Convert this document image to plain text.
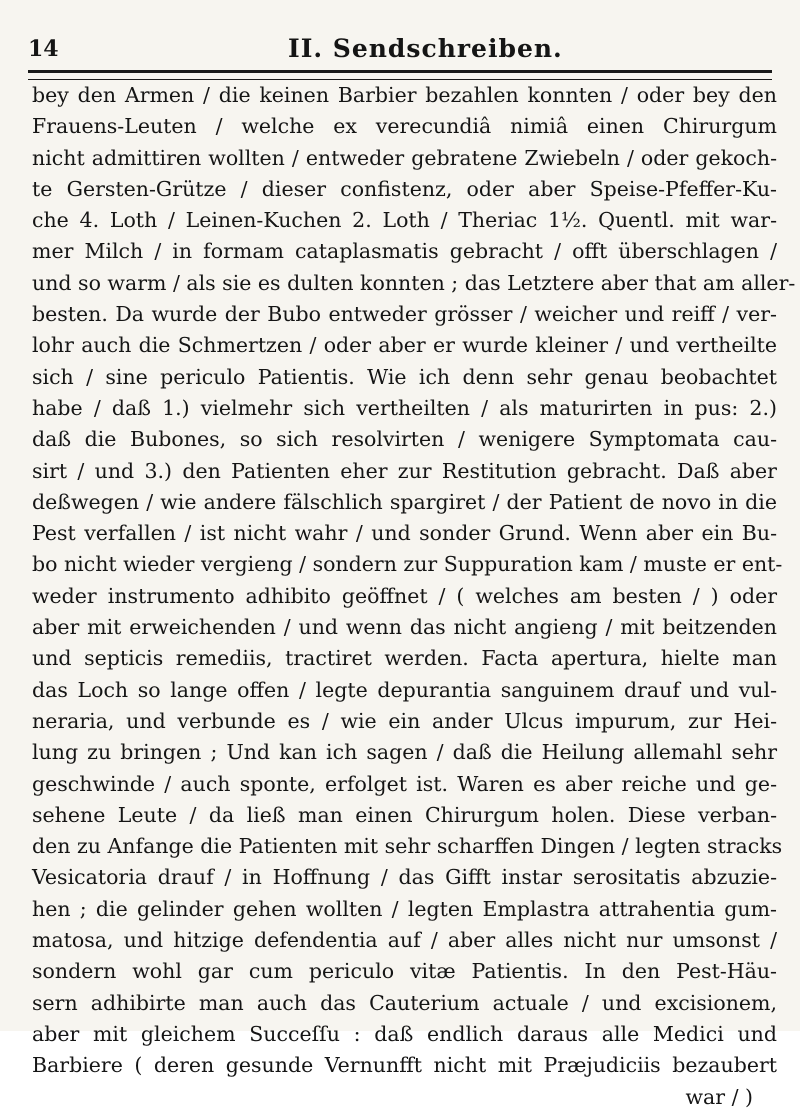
14	II. Sendschreiben.
bey den Armen / die keinen Barbier bezahlen konnten / oder bey den
Frauens-Leuten / welche ex verecundiâ nimiâ einen Chirurgum
nicht admittiren wollten / entweder gebratene Zwiebeln / oder gekoch-
te Gersten-Grütze / dieser confistenz, oder aber Speise-Pfeffer-Ku-
che 4. Loth / Leinen-Kuchen 2. Loth / Theriac 1½. Quentl. mit war-
mer Milch / in formam cataplasmatis gebracht / offt überschlagen /
und so warm / als sie es dulten konnten ; das Letztere aber that am aller-
besten. Da wurde der Bubo entweder grösser / weicher und reiff / ver-
lohr auch die Schmertzen / oder aber er wurde kleiner / und vertheilte
sich / sine periculo Patientis. Wie ich denn sehr genau beobachtet
habe / daß 1.) vielmehr sich vertheilten / als maturirten in pus: 2.)
daß die Bubones, so sich resolvirten / wenigere Symptomata cau-
sirt / und 3.) den Patienten eher zur Restitution gebracht. Daß aber
deßwegen / wie andere fälschlich spargiret / der Patient de novo in die
Pest verfallen / ist nicht wahr / und sonder Grund. Wenn aber ein Bu-
bo nicht wieder vergieng / sondern zur Suppuration kam / muste er ent-
weder instrumento adhibito geöffnet / ( welches am besten / ) oder
aber mit erweichenden / und wenn das nicht angieng / mit beitzenden
und septicis remediis, tractiret werden. Facta apertura, hielte man
das Loch so lange offen / legte depurantia sanguinem drauf und vul-
neraria, und verbunde es / wie ein ander Ulcus impurum, zur Hei-
lung zu bringen ; Und kan ich sagen / daß die Heilung allemahl sehr
geschwinde / auch sponte, erfolget ist. Waren es aber reiche und ge-
sehene Leute / da ließ man einen Chirurgum holen. Diese verban-
den zu Anfange die Patienten mit sehr scharffen Dingen / legten stracks
Vesicatoria drauf / in Hoffnung / das Gifft instar serositatis abzuzie-
hen ; die gelinder gehen wollten / legten Emplastra attrahentia gum-
matosa, und hitzige defendentia auf / aber alles nicht nur umsonst /
sondern wohl gar cum periculo vitæ Patientis. In den Pest-Häu-
sern adhibirte man auch das Cauterium actuale / und excisionem,
aber mit gleichem Succeſſu : daß endlich daraus alle Medici und
Barbiere ( deren gesunde Vernunfft nicht mit Præjudiciis bezaubert
war / )
